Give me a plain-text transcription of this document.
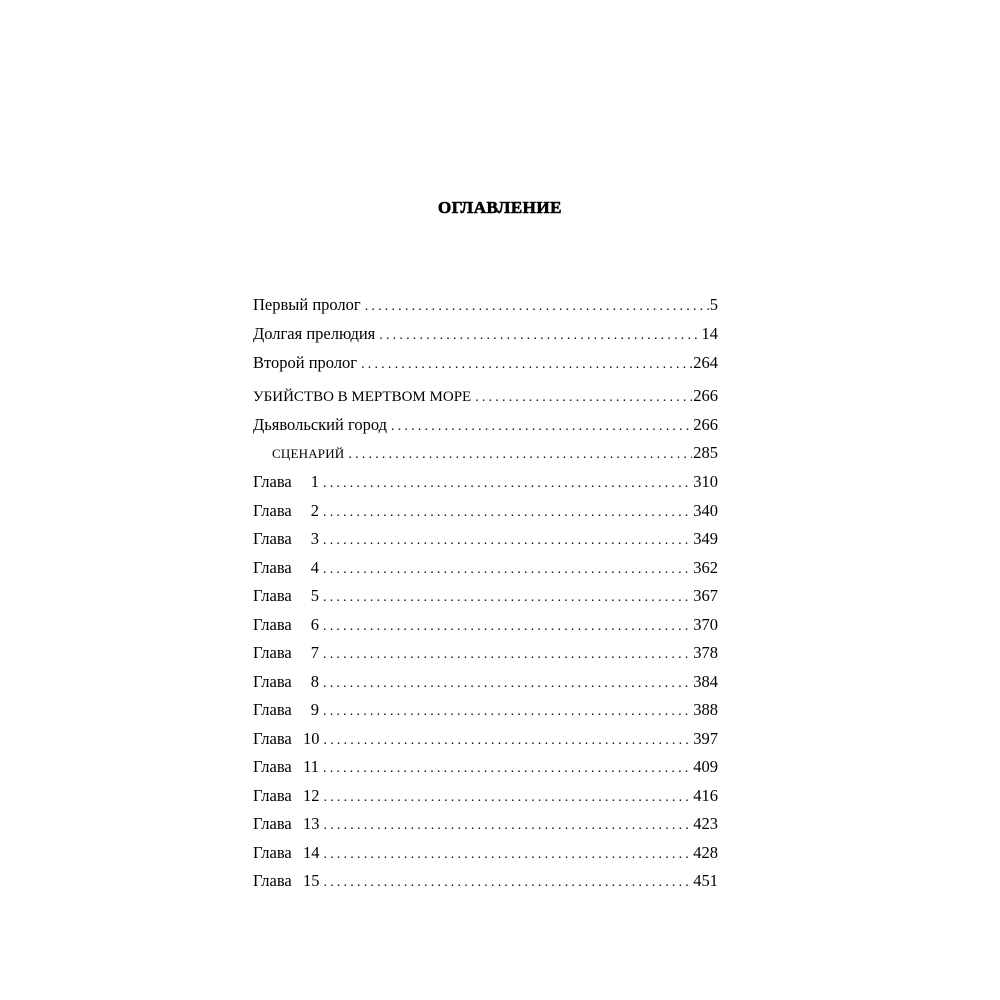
ОГЛАВЛЕНИЕ
Первый пролог .....	5
Долгая прелюдия .....	14
Второй пролог .....	264
УБИЙСТВО В МЕРТВОМ МОРЕ .....	266
Дьявольский город .....	266
СЦЕНАРИЙ .....	285
Глава 1 .....	310
Глава 2 .....	340
Глава 3 .....	349
Глава 4 .....	362
Глава 5 .....	367
Глава 6 .....	370
Глава 7 .....	378
Глава 8 .....	384
Глава 9 .....	388
Глава 10 .....	397
Глава 11 .....	409
Глава 12 .....	416
Глава 13 .....	423
Глава 14 .....	428
Глава 15 .....	451
